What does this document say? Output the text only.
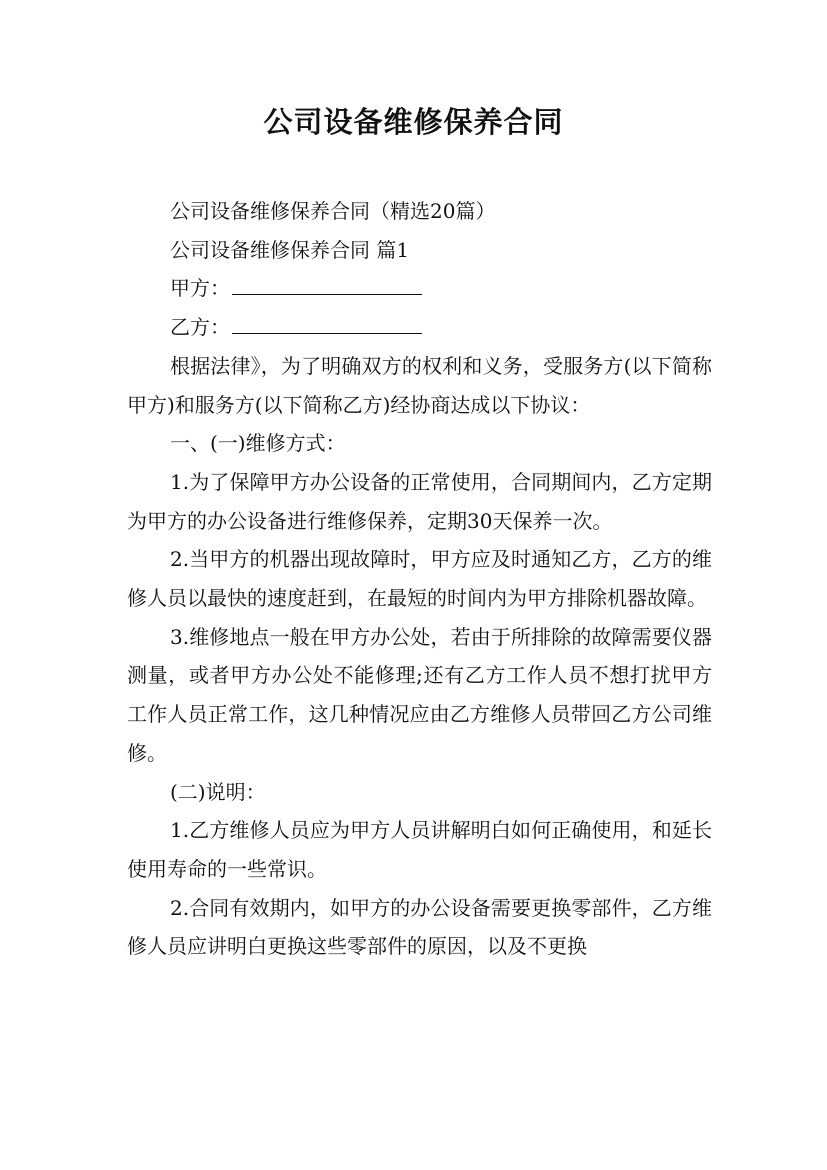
公司设备维修保养合同

公司设备维修保养合同（精选20篇）

公司设备维修保养合同 篇1

甲方：

乙方：

根据法律》，为了明确双方的权利和义务，受服务方(以下简称甲方)和服务方(以下简称乙方)经协商达成以下协议：

一、(一)维修方式：

1.为了保障甲方办公设备的正常使用，合同期间内，乙方定期为甲方的办公设备进行维修保养，定期30天保养一次。

2.当甲方的机器出现故障时，甲方应及时通知乙方，乙方的维修人员以最快的速度赶到，在最短的时间内为甲方排除机器故障。

3.维修地点一般在甲方办公处，若由于所排除的故障需要仪器测量，或者甲方办公处不能修理;还有乙方工作人员不想打扰甲方工作人员正常工作，这几种情况应由乙方维修人员带回乙方公司维修。

(二)说明：

1.乙方维修人员应为甲方人员讲解明白如何正确使用，和延长使用寿命的一些常识。

2.合同有效期内，如甲方的办公设备需要更换零部件，乙方维修人员应讲明白更换这些零部件的原因，以及不更换
